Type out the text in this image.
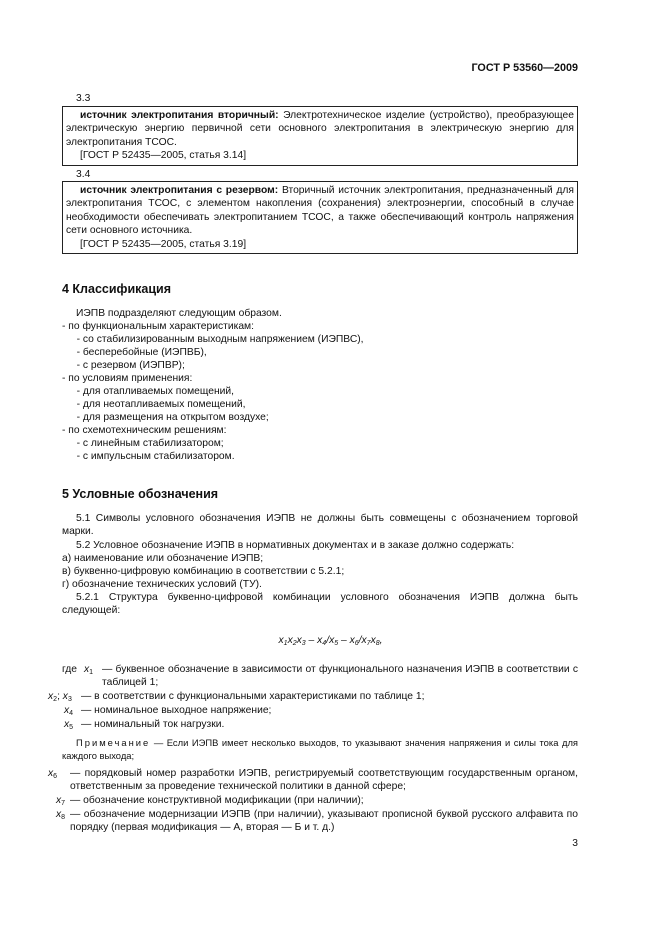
ГОСТ Р 53560—2009
3.3

источник электропитания вторичный: Электротехническое изделие (устройство), преобразующее электрическую энергию первичной сети основного электропитания в электрическую энергию для электропитания ТСОС.

[ГОСТ Р 52435—2005, статья 3.14]

3.4

источник электропитания с резервом: Вторичный источник электропитания, предназначенный для электропитания ТСОС, с элементом накопления (сохранения) электроэнергии, способный в случае необходимости обеспечивать электропитанием ТСОС, а также обеспечивающий контроль напряжения сети основного источника.

[ГОСТ Р 52435—2005, статья 3.19]

4 Классификация
ИЭПВ подразделяют следующим образом.
- по функциональным характеристикам:
- со стабилизированным выходным напряжением (ИЭПВС),
- бесперебойные (ИЭПВБ),
- с резервом (ИЭПВР);
- по условиям применения:
- для отапливаемых помещений,
- для неотапливаемых помещений,
- для размещения на открытом воздухе;
- по схемотехническим решениям:
- с линейным стабилизатором;
- с импульсным стабилизатором.
5 Условные обозначения

5.1 Символы условного обозначения ИЭПВ не должны быть совмещены с обозначением торговой марки.

5.2 Условное обозначение ИЭПВ в нормативных документах и в заказе должно содержать:

а) наименование или обозначение ИЭПВ;
в) буквенно-цифровую комбинацию в соответствии с 5.2.1;
г) обозначение технических условий (ТУ).

5.2.1 Структура буквенно-цифровой комбинации условного обозначения ИЭПВ должна быть следующей:

$x_1x_2x_3 - x_4/x_5 - x_6/x_7x_8$,
где $x_1$ — буквенное обозначение в зависимости от функционального назначения ИЭПВ в соответствии с таблицей 1;
$x_2$; $x_3$ — в соответствии с функциональными характеристиками по таблице 1;
$x_4$ — номинальное выходное напряжение;
$x_5$ — номинальный ток нагрузки.

Примечание — Если ИЭПВ имеет несколько выходов, то указывают значения напряжения и силы тока для каждого выхода;

$x_6$ — порядковый номер разработки ИЭПВ, регистрируемый соответствующим государственным органом, ответственным за проведение технической политики в данной сфере;
$x_7$ — обозначение конструктивной модификации (при наличии);
$x_8$ — обозначение модернизации ИЭПВ (при наличии), указывают прописной буквой русского алфавита по порядку (первая модификация — А, вторая — Б и т. д.)
3
